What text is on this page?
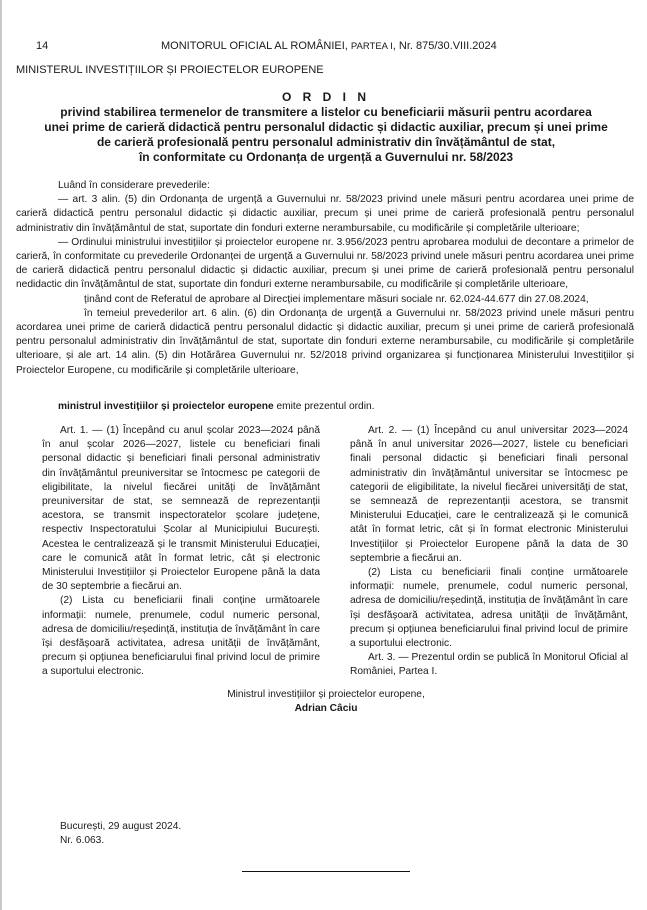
14	MONITORUL OFICIAL AL ROMÂNIEI, PARTEA I, Nr. 875/30.VIII.2024
MINISTERUL INVESTIȚIILOR ȘI PROIECTELOR EUROPENE
O R D I N
privind stabilirea termenelor de transmitere a listelor cu beneficiarii măsurii pentru acordarea
unei prime de carieră didactică pentru personalul didactic și didactic auxiliar, precum și unei prime
de carieră profesională pentru personalul administrativ din învățământul de stat,
în conformitate cu Ordonanța de urgență a Guvernului nr. 58/2023

Luând în considerare prevederile:

— art. 3 alin. (5) din Ordonanța de urgență a Guvernului nr. 58/2023 privind unele măsuri pentru acordarea unei prime de carieră didactică pentru personalul didactic și didactic auxiliar, precum și unei prime de carieră profesională pentru personalul administrativ din învățământul de stat, suportate din fonduri externe nerambursabile, cu modificările și completările ulterioare;

— Ordinului ministrului investițiilor și proiectelor europene nr. 3.956/2023 pentru aprobarea modului de decontare a primelor de carieră, în conformitate cu prevederile Ordonanței de urgență a Guvernului nr. 58/2023 privind unele măsuri pentru acordarea unei prime de carieră didactică pentru personalul didactic și didactic auxiliar, precum și unei prime de carieră profesională pentru personalul nedidactic din învățământul de stat, suportate din fonduri externe nerambursabile, cu modificările și completările ulterioare,

ținând cont de Referatul de aprobare al Direcției implementare măsuri sociale nr. 62.024-44.677 din 27.08.2024,

în temeiul prevederilor art. 6 alin. (6) din Ordonanța de urgență a Guvernului nr. 58/2023 privind unele măsuri pentru acordarea unei prime de carieră didactică pentru personalul didactic și didactic auxiliar, precum și unei prime de carieră profesională pentru personalul administrativ din învățământul de stat, suportate din fonduri externe nerambursabile, cu modificările și completările ulterioare, și ale art. 14 alin. (5) din Hotărârea Guvernului nr. 52/2018 privind organizarea și funcționarea Ministerului Investițiilor și Proiectelor Europene, cu modificările și completările ulterioare,

ministrul investițiilor și proiectelor europene emite prezentul ordin.

Art. 1. — (1) Începând cu anul școlar 2023—2024 până în anul școlar 2026—2027, listele cu beneficiari finali personal didactic și beneficiari finali personal administrativ din învățământul preuniversitar se întocmesc pe categorii de eligibilitate, la nivelul fiecărei unități de învățământ preuniversitar de stat, se semnează de reprezentanții acestora, se transmit inspectoratelor școlare județene, respectiv Inspectoratului Școlar al Municipiului București. Acestea le centralizează și le transmit Ministerului Educației, care le comunică atât în format letric, cât și electronic Ministerului Investițiilor și Proiectelor Europene până la data de 30 septembrie a fiecărui an.

(2) Lista cu beneficiarii finali conține următoarele informații: numele, prenumele, codul numeric personal, adresa de domiciliu/reședință, instituția de învățământ în care își desfășoară activitatea, adresa unității de învățământ, precum și opțiunea beneficiarului final privind locul de primire a suportului electronic.

Art. 2. — (1) Începând cu anul universitar 2023—2024 până în anul universitar 2026—2027, listele cu beneficiari finali personal didactic și beneficiari finali personal administrativ din învățământul universitar se întocmesc pe categorii de eligibilitate, la nivelul fiecărei universități de stat, se semnează de reprezentanții acestora, se transmit Ministerului Educației, care le centralizează și le comunică atât în format letric, cât și în format electronic Ministerului Investițiilor și Proiectelor Europene până la data de 30 septembrie a fiecărui an.

(2) Lista cu beneficiarii finali conține următoarele informații: numele, prenumele, codul numeric personal, adresa de domiciliu/reședință, instituția de învățământ în care își desfășoară activitatea, adresa unității de învățământ, precum și opțiunea beneficiarului final privind locul de primire a suportului electronic.

Art. 3. — Prezentul ordin se publică în Monitorul Oficial al României, Partea I.

Ministrul investițiilor și proiectelor europene,
Adrian Câciu
București, 29 august 2024.
Nr. 6.063.
